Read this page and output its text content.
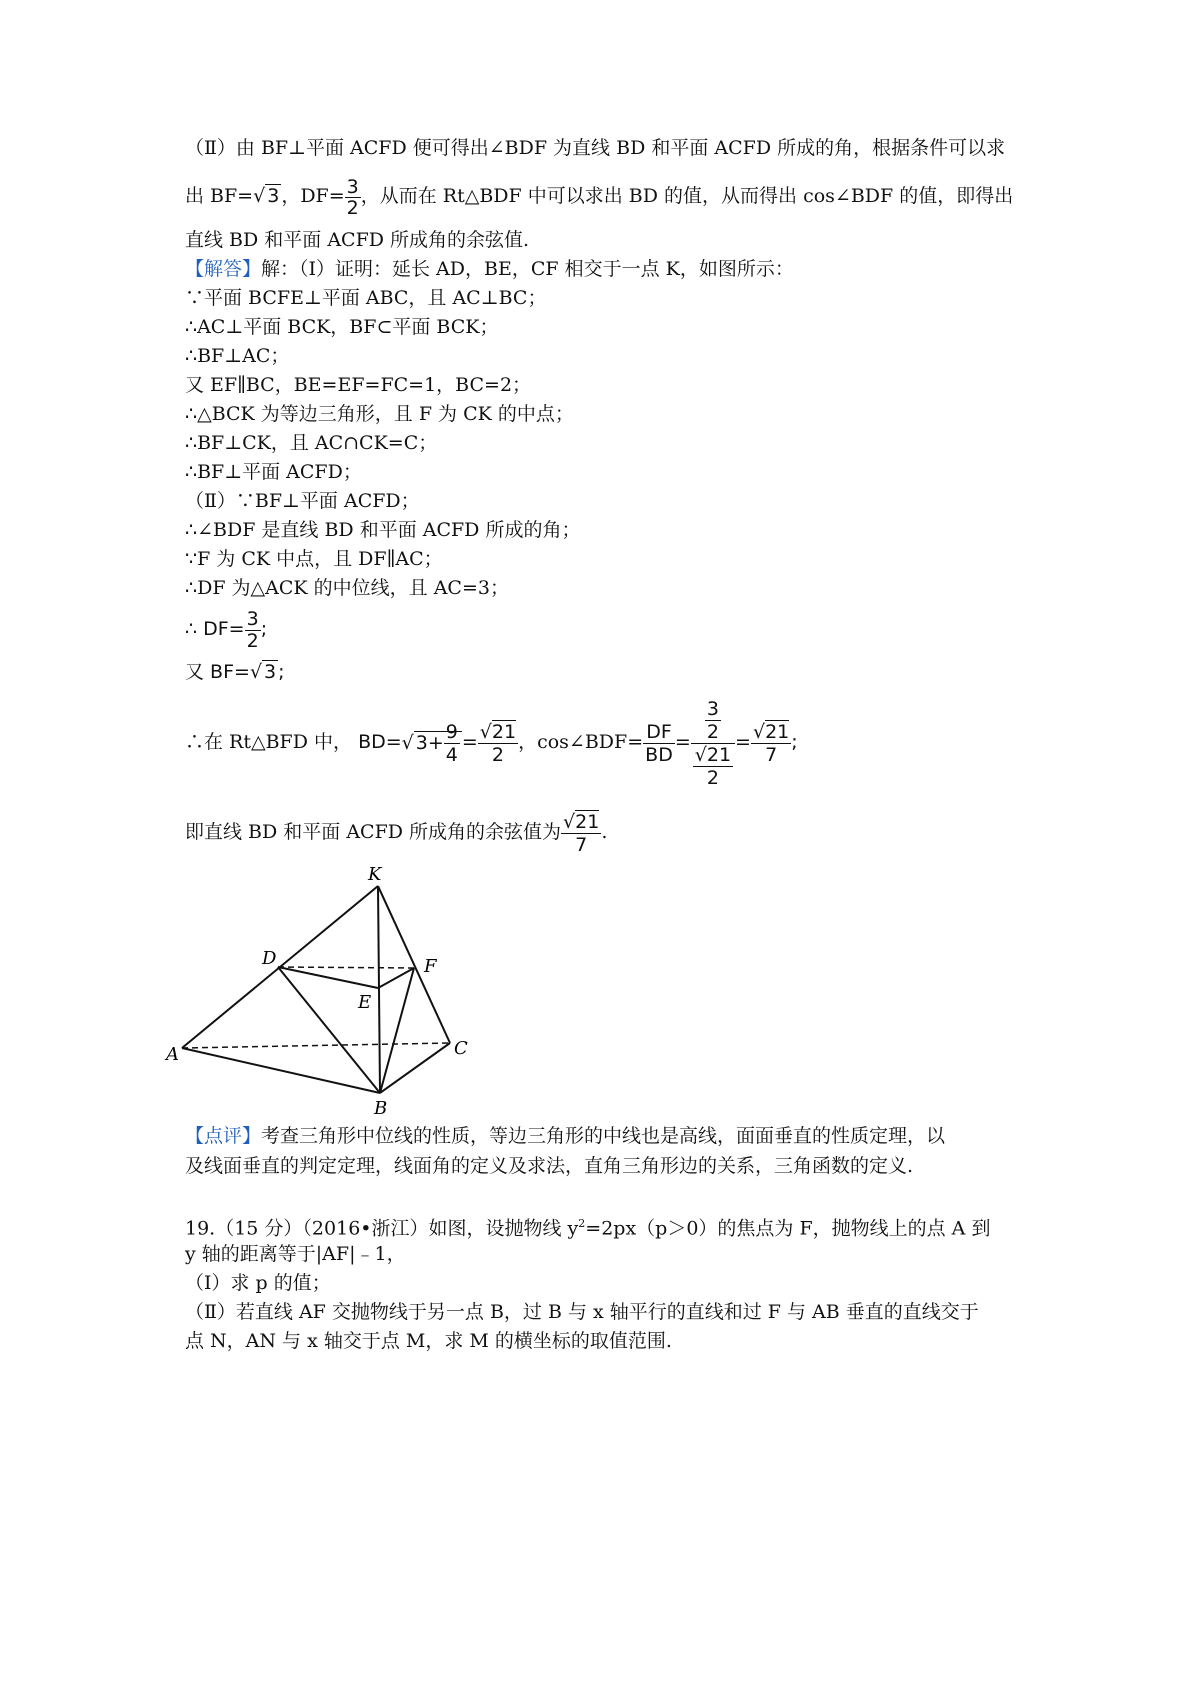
（Ⅱ）由 BF⊥平面 ACFD 便可得出∠BDF 为直线 BD 和平面 ACFD 所成的角，根据条件可以求
出 BF=√ 3 ，$DF= \frac{3}{2}$ ，从而在 Rt△BDF 中可以求出 BD 的值，从而得出 cos∠BDF 的值，即得出
直线 BD 和平面 ACFD 所成角的余弦值.
【解答】解：（Ⅰ）证明：延长 AD，BE，CF 相交于一点 K，如图所示：
∵平面 BCFE⊥平面 ABC，且 AC⊥BC；
∴AC⊥平面 BCK，BF⊂平面 BCK；
∴BF⊥AC；
又 EF∥BC，BE=EF=FC=1，BC=2；
∴△BCK 为等边三角形，且 F 为 CK 的中点；
∴BF⊥CK，且 AC∩CK=C；
∴BF⊥平面 ACFD；
（Ⅱ）∵BF⊥平面 ACFD；
∴∠BDF 是直线 BD 和平面 ACFD 所成的角；
∵F 为 CK 中点，且 DF∥AC；
∴DF 为△ACK 的中位线，且 AC=3；
∴ $DF= \frac{3}{2}$ ;
又 BF=√ 3 ;
∴在 Rt△BFD 中， BD=√ $3+ \frac{9}{4} = \frac{√21}{2}$ ，cos∠BDF= $\frac{DF}{BD} = \frac{\frac{3}{2}}{\frac{√21}{2}} = \frac{√21}{7}$ ;
即直线 BD 和平面 ACFD 所成角的余弦值为 $\frac{√21}{7}$ .
K
D	F
E
A	C
B
【点评】考查三角形中位线的性质，等边三角形的中线也是高线，面面垂直的性质定理，以
及线面垂直的判定定理，线面角的定义及求法，直角三角形边的关系，三角函数的定义.
19.（15 分）（2016•浙江）如图，设抛物线 $y^2=2px(p>0)$的焦点为 F，抛物线上的点 A 到
y 轴的距离等于|AF|﹣1，
（Ⅰ）求 p 的值；
（Ⅱ）若直线 AF 交抛物线于另一点 B，过 B 与 x 轴平行的直线和过 F 与 AB 垂直的直线交于
点 N，AN 与 x 轴交于点 M，求 M 的横坐标的取值范围.
